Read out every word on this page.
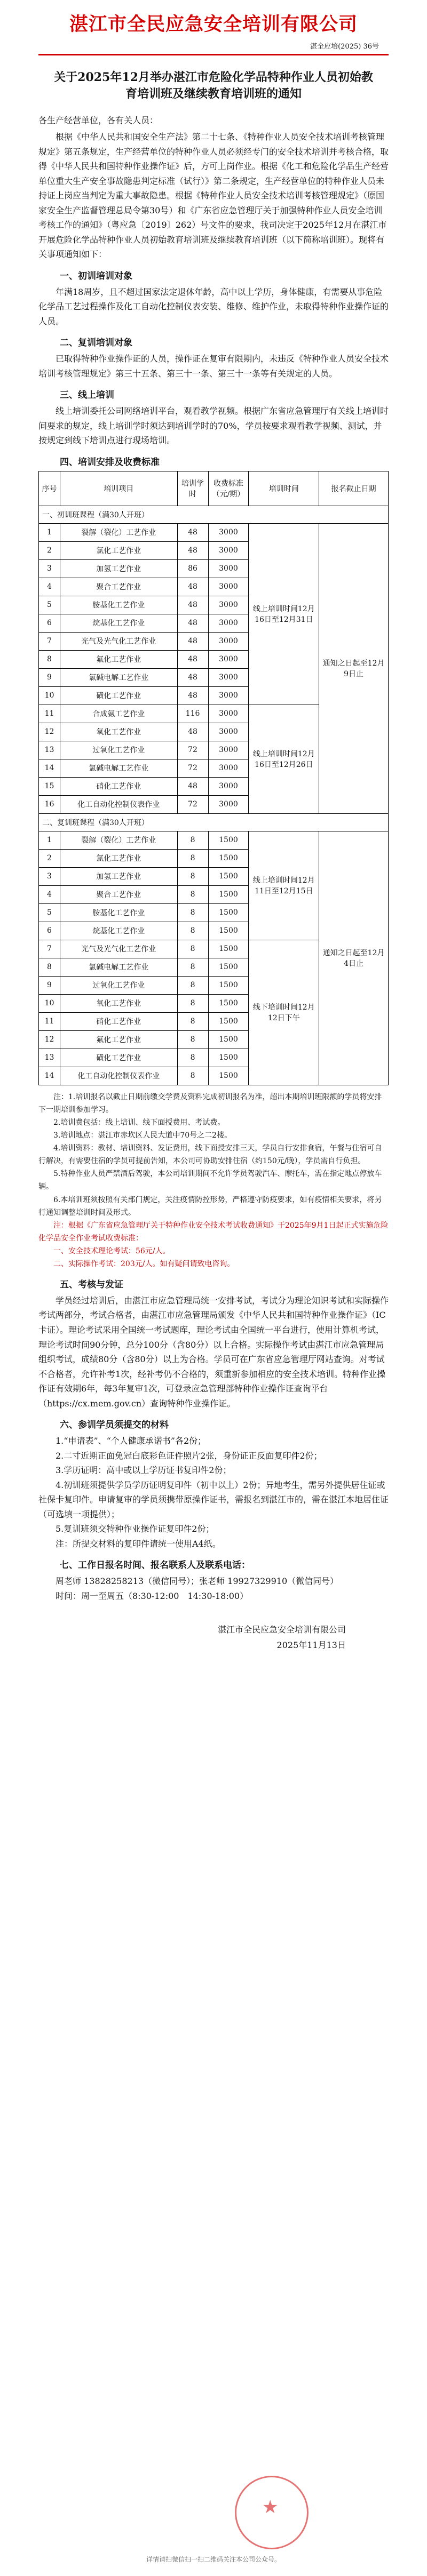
湛江市全民应急安全培训有限公司
湛全应培(2025) 36号
关于2025年12月举办湛江市危险化学品特种作业人员初始教育培训班及继续教育培训班的通知

各生产经营单位，各有关人员：

根据《中华人民共和国安全生产法》第二十七条、《特种作业人员安全技术培训考核管理规定》第五条规定，生产经营单位的特种作业人员必须经专门的安全技术培训并考核合格，取得《中华人民共和国特种作业操作证》后，方可上岗作业。根据《化工和危险化学品生产经营单位重大生产安全事故隐患判定标准（试行）》第二条规定，生产经营单位的特种作业人员未持证上岗应当判定为重大事故隐患。根据《特种作业人员安全技术培训考核管理规定》（原国家安全生产监督管理总局令第30号）和《广东省应急管理厅关于加强特种作业人员安全培训考核工作的通知》（粤应急〔2019〕262）号文件的要求，我司决定于2025年12月在湛江市开展危险化学品特种作业人员初始教育培训班及继续教育培训班（以下简称培训班）。现将有关事项通知如下：

一、初训培训对象

年满18周岁，且不超过国家法定退休年龄，高中以上学历，身体健康，有需要从事危险化学品工艺过程操作及化工自动化控制仪表安装、维修、维护作业，未取得特种作业操作证的人员。

二、复训培训对象

已取得特种作业操作证的人员，操作证在复审有限期内，未违反《特种作业人员安全技术培训考核管理规定》第三十五条、第三十一条、第三十一条等有关规定的人员。

三、线上培训

线上培训委托公司网络培训平台，观看教学视频。根据广东省应急管理厅有关线上培训时间要求的规定，线上培训学时须达到培训学时的70%，学员按要求观看教学视频、测试，并按规定到线下培训点进行现场培训。

四、培训安排及收费标准
序号	培训项目	培训学时	收费标准（元/期）	培训时间	报名截止日期
一、初训班课程（满30人开班）					
1	裂解（裂化）工艺作业	48	3000	线上培训时间12月16日至12月31日	通知之日起至12月9日止
2	氯化工艺作业	48	3000		
3	加氢工艺作业	86	3000		
4	聚合工艺作业	48	3000		
5	胺基化工艺作业	48	3000		
6	烷基化工艺作业	48	3000		
7	光气及光气化工艺作业	48	3000		
8	氟化工艺作业	48	3000		
9	氯碱电解工艺作业	48	3000		
10	磺化工艺作业	48	3000		
11	合成氨工艺作业	116	3000	线上培训时间12月16日至12月26日	
12	氧化工艺作业	48	3000		
13	过氧化工艺作业	72	3000		
14	氯碱电解工艺作业	72	3000		
15	硝化工艺作业	48	3000		
16	化工自动化控制仪表作业	72	3000		
二、复训班课程（满30人开班）					
1	裂解（裂化）工艺作业	8	1500	线上培训时间12月11日至12月15日	通知之日起至12月4日止
2	氯化工艺作业	8	1500		
3	加氢工艺作业	8	1500		
4	聚合工艺作业	8	1500		
5	胺基化工艺作业	8	1500		
6	烷基化工艺作业	8	1500		
7	光气及光气化工艺作业	8	1500	线下培训时间12月12日下午	
8	氯碱电解工艺作业	8	1500		
9	过氧化工艺作业	8	1500		
10	氧化工艺作业	8	1500		
11	硝化工艺作业	8	1500		
12	氟化工艺作业	8	1500		
13	磺化工艺作业	8	1500		
14	化工自动化控制仪表作业	8	1500		

注：1.培训报名以截止日期前缴交学费及资料完成初训报名为准，超出本期培训班限额的学员将安排下一期培训参加学习。

2.培训费包括：线上培训、线下面授费用、考试费。

3.培训地点：湛江市赤坎区人民大道中70号之二2楼。

4.培训资料：教材、培训资料、发证费用，线下面授安排三天，学员自行安排食宿，午餐与住宿可自行解决，有需要住宿的学员可提前告知，本公司可协助安排住宿（约150元/晚），学员需自行负担。

5.特种作业人员严禁酒后驾驶，本公司培训期间不允许学员驾驶汽车、摩托车，需在指定地点停放车辆。

6.本培训班须按照有关部门规定，关注疫情防控形势，严格遵守防疫要求，如有疫情相关要求，将另行通知调整培训时间及形式。

注：根据《广东省应急管理厅关于特种作业安全技术考试收费通知》于2025年9月1日起正式实施危险化学品安全作业考试收费标准：

一、安全技术理论考试：56元/人。

二、实际操作考试：203元/人。如有疑问请致电咨询。

五、考核与发证

学员经过培训后，由湛江市应急管理局统一安排考试，考试分为理论知识考试和实际操作考试两部分，考试合格者，由湛江市应急管理局颁发《中华人民共和国特种作业操作证》（IC卡证）。理论考试采用全国统一考试题库，理论考试由全国统一平台进行，使用计算机考试，理论考试时间90分钟，总分100分（含80分）以上合格。实际操作考试由湛江市应急管理局组织考试，成绩80分（含80分）以上为合格。学员可在广东省应急管理厅网站查询。对考试不合格者，允许补考1次，经补考仍不合格的，须重新参加相应的安全技术培训。特种作业操作证有效期6年，每3年复审1次，可登录应急管理部特种作业操作证查询平台（https://cx.mem.gov.cn）查询特种作业操作证。

六、参训学员须提交的材料

1.“申请表”、“个人健康承诺书”各2份；

2.二寸近期正面免冠白底彩色证件照片2张，身份证正反面复印件2份；

3.学历证明：高中或以上学历证书复印件2份；

4.初训班须提供学员学历证明复印件（初中以上）2份；异地考生，需另外提供居住证或社保卡复印件。申请复审的学员须携带原操作证书，需报名到湛江市的，需在湛江本地居住证（可选填一项提供）；

5.复训班须交特种作业操作证复印件2份；

注：所提交材料的复印件请统一使用A4纸。

七、工作日报名时间、报名联系人及联系电话：

周老师 13828258213（微信同号）；张老师 19927329910（微信同号）

时间：周一至周五（8:30-12:00　14:30-18:00）

湛江市全民应急安全培训有限公司
2025年11月13日
★
详情请扫微信扫一扫二维码关注本公司公众号。
